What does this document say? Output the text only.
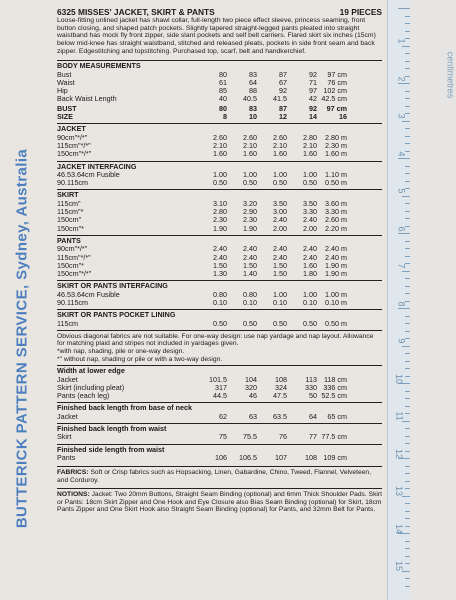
BUTTERICK PATTERN SERVICE, Sydney, Australia
centimetres
1
2
3
4
5
6
7
8
9
10
11
12
13
14
15
6325 MISSES' JACKET, SKIRT & PANTS	19 PIECES
Loose-fitting unlined jacket has shawl collar, full-length two piece effect sleeve, princess seaming, front button closing, and shaped patch pockets. Slightly tapered straight-legged pants pleated into straight waistband has mock fly front zipper, side slant pockets and self belt carriers. Flared skirt six inches (15cm) below mid-knee has straight waistband, stitched and released pleats, pockets in side front seam and back zipper. Edgestitching and topstitching. Purchased top, scarf, belt and handkerchief.
BODY MEASUREMENTS
Bust	80	83	87	92	97 cm
Waist	61	64	67	71	76 cm
Hip	85	88	92	97	102 cm
Back Waist Length	40	40.5	41.5	42	42.5 cm
BUST	80	83	87	92	97 cm
SIZE	8	10	12	14	16
JACKET
90cm"*/*"	2.60	2.60	2.60	2.80	2.80 m
115cm"*/*"	2.10	2.10	2.10	2.10	2.30 m
150cm"*/*"	1.60	1.60	1.60	1.60	1.60 m
JACKET INTERFACING
46.53.64cm Fusible	1.00	1.00	1.00	1.00	1.10 m
90.115cm	0.50	0.50	0.50	0.50	0.50 m
SKIRT
115cm"	3.10	3.20	3.50	3.50	3.60 m
115cm"*	2.80	2.90	3.00	3.30	3.30 m
150cm"	2.30	2.30	2.40	2.40	2.60 m
150cm"*	1.90	1.90	2.00	2.00	2.20 m
PANTS
90cm"*/*"	2.40	2.40	2.40	2.40	2.40 m
115cm"*/*"	2.40	2.40	2.40	2.40	2.40 m
150cm"*	1.50	1.50	1.50	1.60	1.90 m
150cm"*/*"	1.30	1.40	1.50	1.80	1.90 m
SKIRT OR PANTS INTERFACING
46.53.64cm Fusible	0.80	0.80	1.00	1.00	1.00 m
90.115cm	0.10	0.10	0.10	0.10	0.10 m
SKIRT OR PANTS POCKET LINING
115cm	0.50	0.50	0.50	0.50	0.50 m
Obvious diagonal fabrics are not suitable. For one-way design: use nap yardage and nap layout. Allowance for matching plaid and stripes not included in yardages given.
*with nap, shading, pile or one-way design.
*" without nap, shading or pile or with a two-way design.
Width at lower edge
Jacket	101.5	104	108	113	118 cm
Skirt (including pleat)	317	320	324	330	336 cm
Pants (each leg)	44.5	46	47.5	50	52.5 cm
Finished back length from base of neck
Jacket	62	63	63.5	64	65 cm
Finished back length from waist
Skirt	75	75.5	76	77	77.5 cm
Finished side length from waist
Pants	106	106.5	107	108	109 cm
FABRICS: Soft or Crisp fabrics such as Hopsacking, Linen, Gabardine, Chino, Tweed, Flannel, Velveteen, and Corduroy.
NOTIONS: Jacket: Two 20mm Buttons, Straight Seam Binding (optional) and 6mm Thick Shoulder Pads. Skirt or Pants: 18cm Skirt Zipper and One Hook and Eye Closure also Bias Seam Binding (optional) for Skirt, 18cm Pants Zipper and One Skirt Hook also Straight Seam Binding (optional) for Pants, and 32mm Belt for Pants.
